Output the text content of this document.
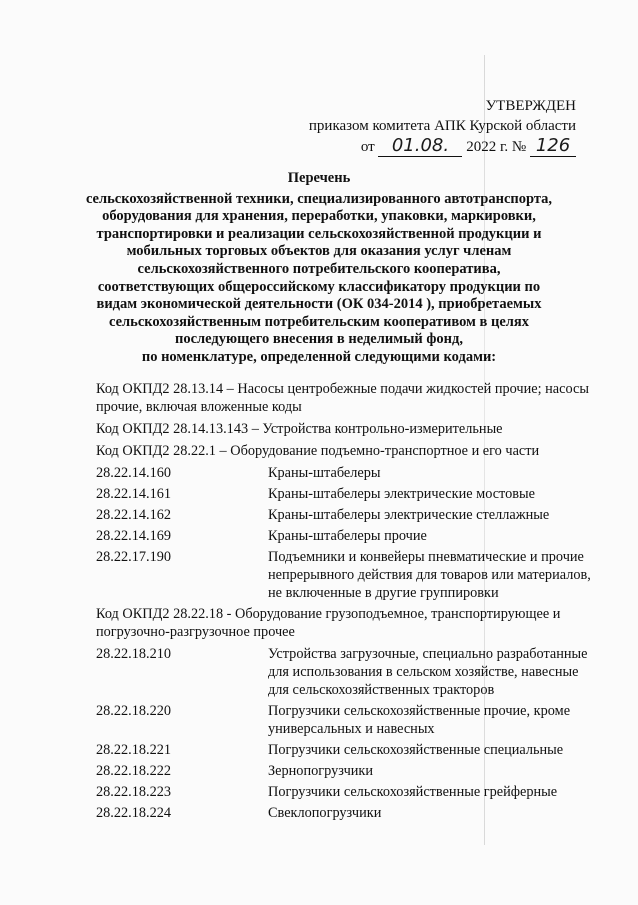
УТВЕРЖДЕН
приказом комитета АПК Курской области
от 01.08. 2022 г. № 126
Перечень
сельскохозяйственной техники, специализированного автотранспорта,
оборудования для хранения, переработки, упаковки, маркировки,
транспортировки и реализации сельскохозяйственной продукции и
мобильных торговых объектов для оказания услуг членам
сельскохозяйственного потребительского кооператива,
соответствующих общероссийскому классификатору продукции по
видам экономической деятельности (ОК 034-2014 ), приобретаемых
сельскохозяйственным потребительским кооперативом в целях
последующего внесения в неделимый фонд,
по номенклатуре, определенной следующими кодами:
Код ОКПД2 28.13.14 – Насосы центробежные подачи жидкостей прочие; насосы прочие, включая вложенные коды
Код ОКПД2 28.14.13.143 – Устройства контрольно-измерительные
Код ОКПД2 28.22.1 – Оборудование подъемно-транспортное и его части
28.22.14.160	Краны-штабелеры
28.22.14.161	Краны-штабелеры электрические мостовые
28.22.14.162	Краны-штабелеры электрические стеллажные
28.22.14.169	Краны-штабелеры прочие
28.22.17.190	Подъемники и конвейеры пневматические и прочие непрерывного действия для товаров или материалов, не включенные в другие группировки
Код ОКПД2 28.22.18 - Оборудование грузоподъемное, транспортирующее и погрузочно-разгрузочное прочее
28.22.18.210	Устройства загрузочные, специально разработанные для использования в сельском хозяйстве, навесные для сельскохозяйственных тракторов
28.22.18.220	Погрузчики сельскохозяйственные прочие, кроме универсальных и навесных
28.22.18.221	Погрузчики сельскохозяйственные специальные
28.22.18.222	Зернопогрузчики
28.22.18.223	Погрузчики сельскохозяйственные грейферные
28.22.18.224	Свеклопогрузчики
